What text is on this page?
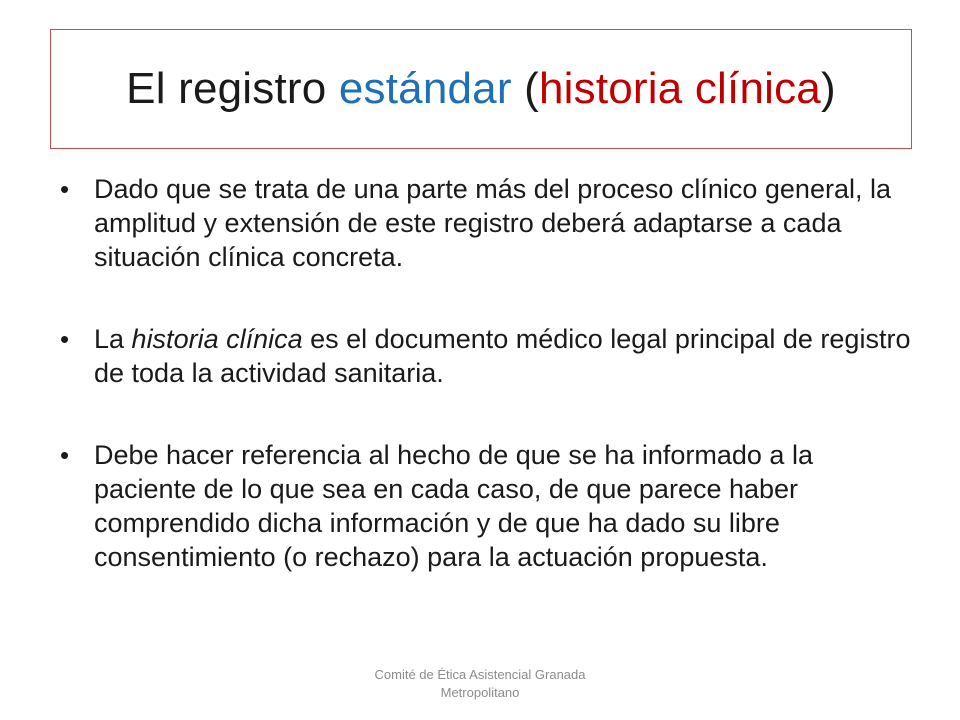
El registro estándar (historia clínica)

• Dado que se trata de una parte más del proceso clínico general, la amplitud y extensión de este registro deberá adaptarse a cada situación clínica concreta.

• La historia clínica es el documento médico legal principal de registro de toda la actividad sanitaria.

• Debe hacer referencia al hecho de que se ha informado a la paciente de lo que sea en cada caso, de que parece haber comprendido dicha información y de que ha dado su libre consentimiento (o rechazo) para la actuación propuesta.

Comité de Ética Asistencial Granada
Metropolitano
